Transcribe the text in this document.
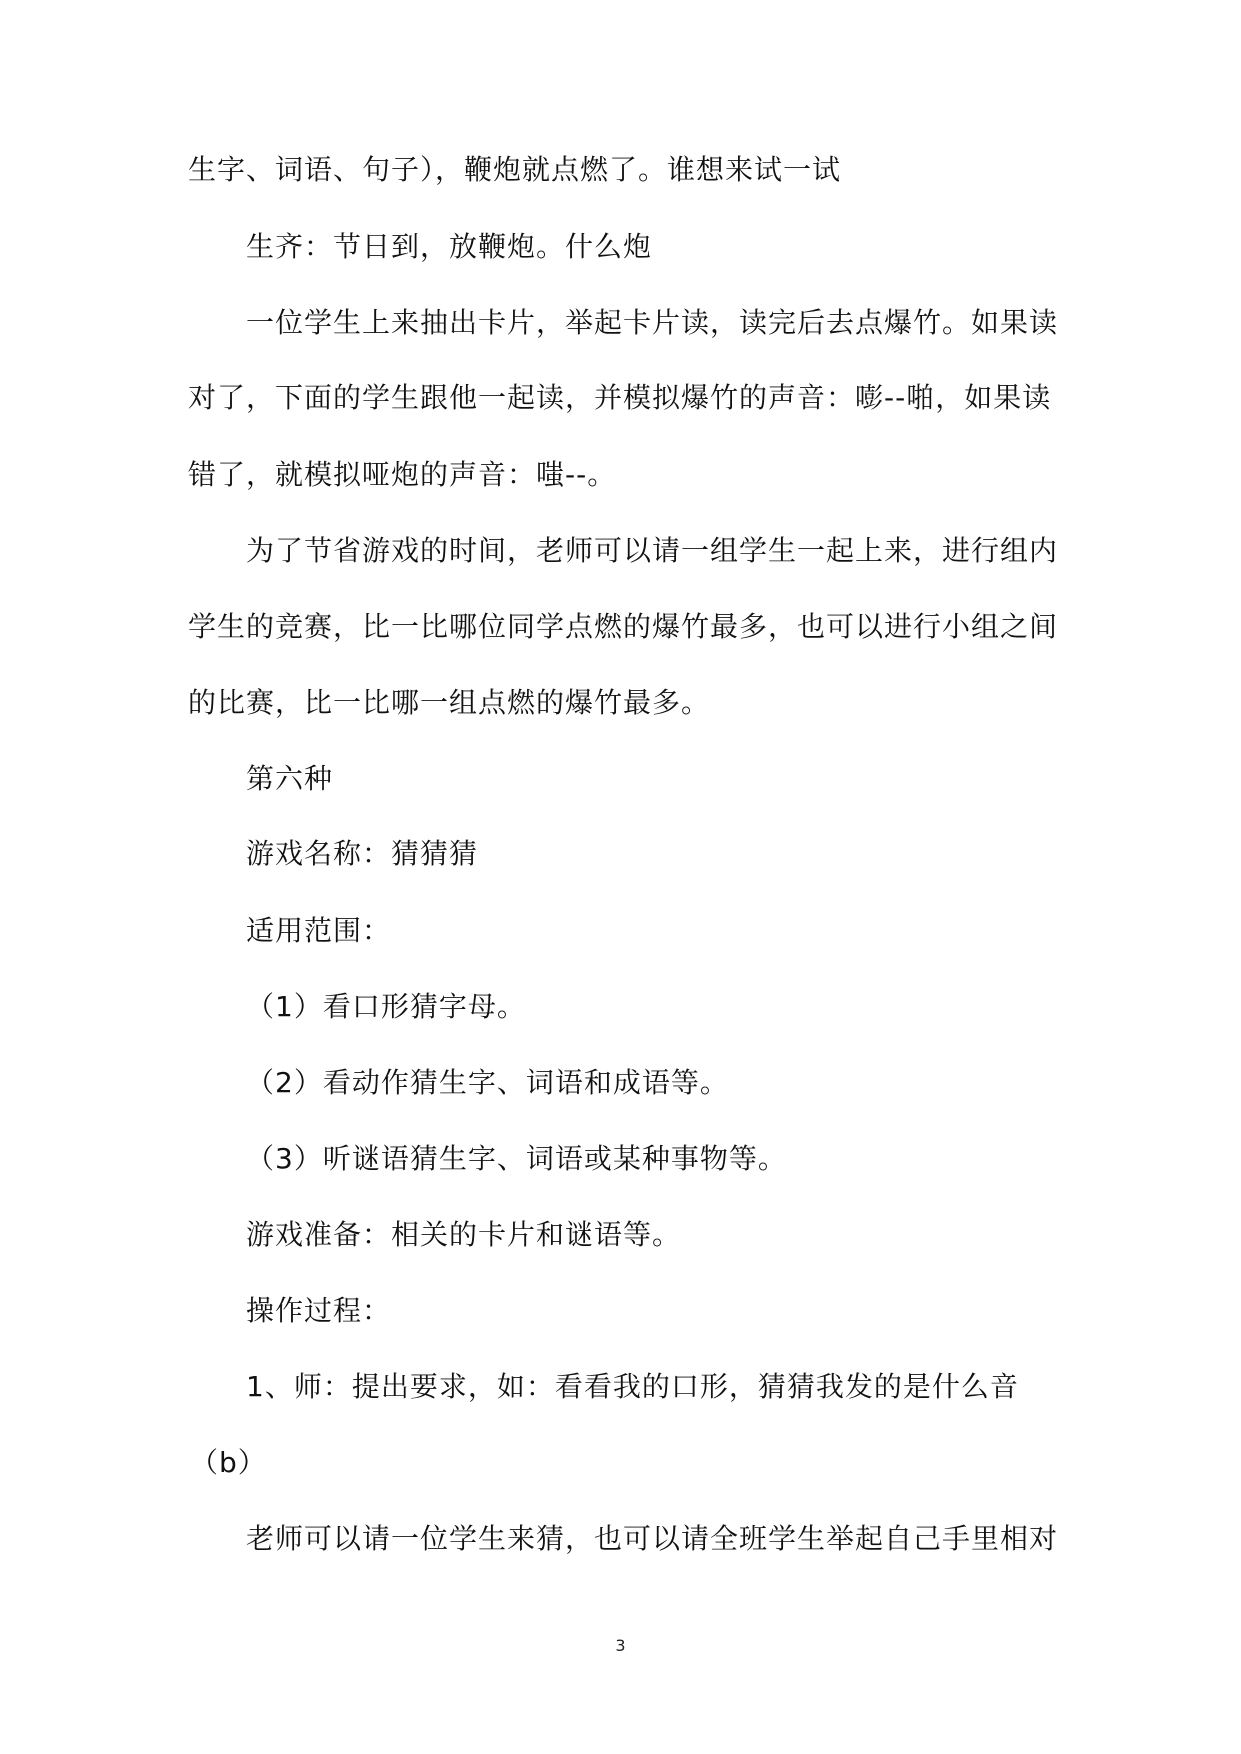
生字、词语、句子），鞭炮就点燃了。谁想来试一试
生齐：节日到，放鞭炮。什么炮
一位学生上来抽出卡片，举起卡片读，读完后去点爆竹。如果读
对了，下面的学生跟他一起读，并模拟爆竹的声音：嘭--啪，如果读
错了，就模拟哑炮的声音：嗤--。
为了节省游戏的时间，老师可以请一组学生一起上来，进行组内
学生的竞赛，比一比哪位同学点燃的爆竹最多，也可以进行小组之间
的比赛，比一比哪一组点燃的爆竹最多。
第六种
游戏名称：猜猜猜
适用范围：
（1）看口形猜字母。
（2）看动作猜生字、词语和成语等。
（3）听谜语猜生字、词语或某种事物等。
游戏准备：相关的卡片和谜语等。
操作过程：
1、师：提出要求，如：看看我的口形，猜猜我发的是什么音
（b）
老师可以请一位学生来猜，也可以请全班学生举起自己手里相对
3
